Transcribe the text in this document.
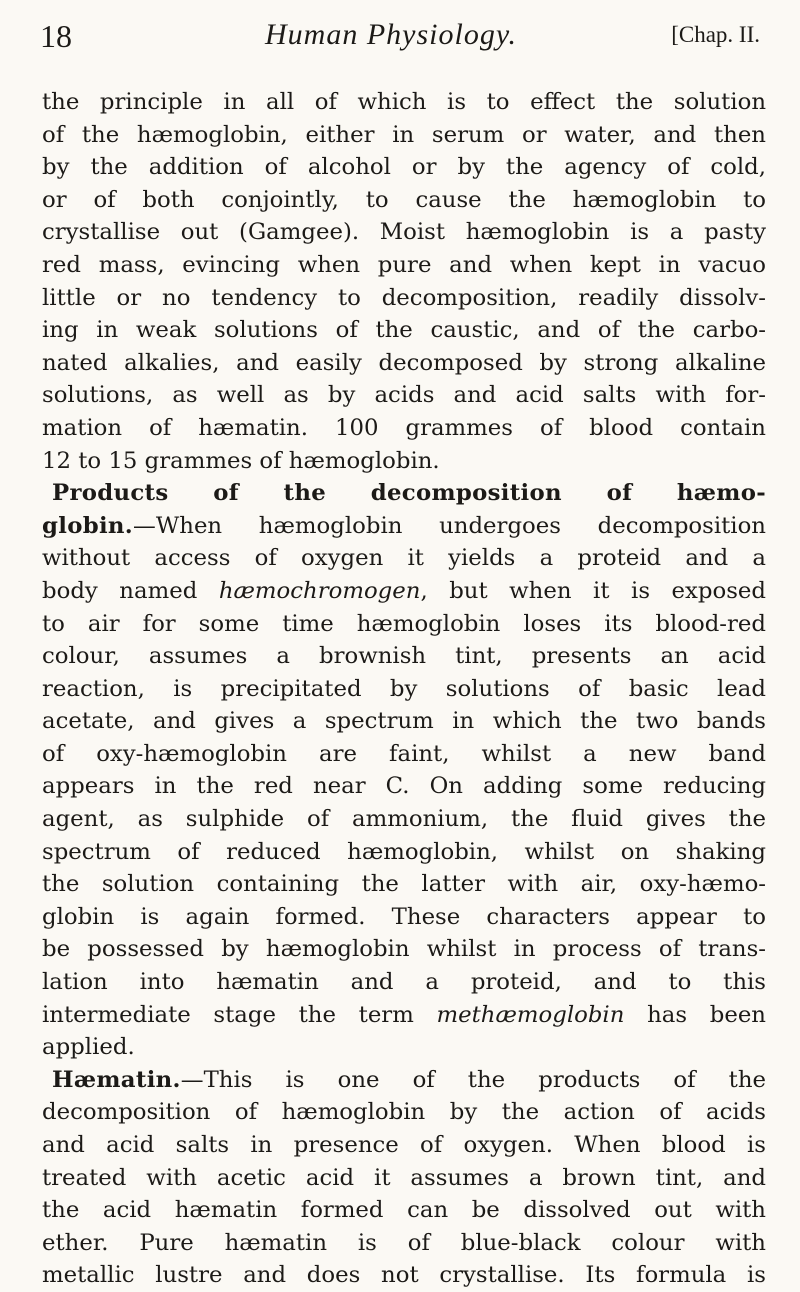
18	Human Physiology.	[Chap. II.

the principle in all of which is to effect the solution
of the hæmoglobin, either in serum or water, and then
by the addition of alcohol or by the agency of cold,
or of both conjointly, to cause the hæmoglobin to
crystallise out (Gamgee). Moist hæmoglobin is a pasty
red mass, evincing when pure and when kept in vacuo
little or no tendency to decomposition, readily dissolv-
ing in weak solutions of the caustic, and of the carbo-
nated alkalies, and easily decomposed by strong alkaline
solutions, as well as by acids and acid salts with for-
mation of hæmatin. 100 grammes of blood contain
12 to 15 grammes of hæmoglobin.

Products of the decomposition of hæmo-
globin.—When hæmoglobin undergoes decomposition
without access of oxygen it yields a proteid and a
body named hæmochromogen, but when it is exposed
to air for some time hæmoglobin loses its blood-red
colour, assumes a brownish tint, presents an acid
reaction, is precipitated by solutions of basic lead
acetate, and gives a spectrum in which the two bands
of oxy-hæmoglobin are faint, whilst a new band
appears in the red near C. On adding some reducing
agent, as sulphide of ammonium, the fluid gives the
spectrum of reduced hæmoglobin, whilst on shaking
the solution containing the latter with air, oxy-hæmo-
globin is again formed. These characters appear to
be possessed by hæmoglobin whilst in process of trans-
lation into hæmatin and a proteid, and to this
intermediate stage the term methæmoglobin has been
applied.

Hæmatin.—This is one of the products of the
decomposition of hæmoglobin by the action of acids
and acid salts in presence of oxygen. When blood is
treated with acetic acid it assumes a brown tint, and
the acid hæmatin formed can be dissolved out with
ether. Pure hæmatin is of blue-black colour with
metallic lustre and does not crystallise. Its formula is
